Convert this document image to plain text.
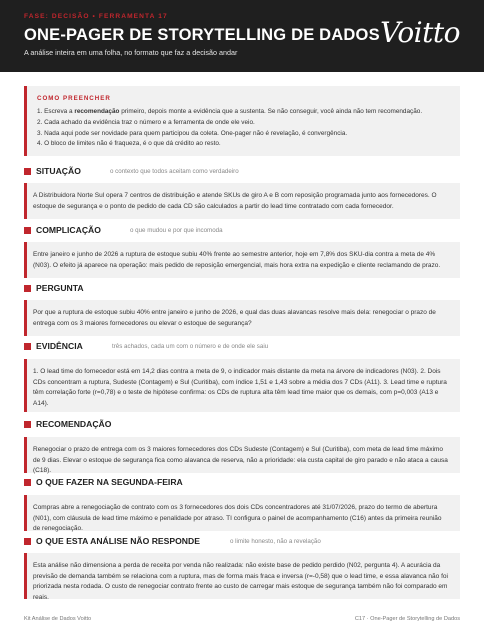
FASE: DECISÃO • FERRAMENTA 17
ONE-PAGER DE STORYTELLING DE DADOS
A análise inteira em uma folha, no formato que faz a decisão andar
Voitto
COMO PREENCHER
1. Escreva a recomendação primeiro, depois monte a evidência que a sustenta. Se não conseguir, você ainda não tem recomendação.
2. Cada achado da evidência traz o número e a ferramenta de onde ele veio.
3. Nada aqui pode ser novidade para quem participou da coleta. One-pager não é revelação, é convergência.
4. O bloco de limites não é fraqueza, é o que dá crédito ao resto.
SITUAÇÃO	o contexto que todos aceitam como verdadeiro

A Distribuidora Norte Sul opera 7 centros de distribuição e atende SKUs de giro A e B com reposição programada junto aos fornecedores. O estoque de segurança e o ponto de pedido de cada CD são calculados a partir do lead time contratado com cada fornecedor.

COMPLICAÇÃO	o que mudou e por que incomoda

Entre janeiro e junho de 2026 a ruptura de estoque subiu 40% frente ao semestre anterior, hoje em 7,8% dos SKU-dia contra a meta de 4% (N03). O efeito já aparece na operação: mais pedido de reposição emergencial, mais hora extra na expedição e cliente reclamando de prazo.

PERGUNTA

Por que a ruptura de estoque subiu 40% entre janeiro e junho de 2026, e qual das duas alavancas resolve mais dela: renegociar o prazo de entrega com os 3 maiores fornecedores ou elevar o estoque de segurança?

EVIDÊNCIA	três achados, cada um com o número e de onde ele saiu

1. O lead time do fornecedor está em 14,2 dias contra a meta de 9, o indicador mais distante da meta na árvore de indicadores (N03). 2. Dois CDs concentram a ruptura, Sudeste (Contagem) e Sul (Curitiba), com índice 1,51 e 1,43 sobre a média dos 7 CDs (A11). 3. Lead time e ruptura têm correlação forte (r=0,78) e o teste de hipótese confirma: os CDs de ruptura alta têm lead time maior que os demais, com p=0,003 (A13 e A14).

RECOMENDAÇÃO

Renegociar o prazo de entrega com os 3 maiores fornecedores dos CDs Sudeste (Contagem) e Sul (Curitiba), com meta de lead time máximo de 9 dias. Elevar o estoque de segurança fica como alavanca de reserva, não a prioridade: ela custa capital de giro parado e não ataca a causa (C18).

O QUE FAZER NA SEGUNDA-FEIRA

Compras abre a renegociação de contrato com os 3 fornecedores dos dois CDs concentradores até 31/07/2026, prazo do termo de abertura (N01), com cláusula de lead time máximo e penalidade por atraso. TI configura o painel de acompanhamento (C16) antes da primeira reunião de renegociação.

O QUE ESTA ANÁLISE NÃO RESPONDE	o limite honesto, não a revelação

Esta análise não dimensiona a perda de receita por venda não realizada: não existe base de pedido perdido (N02, pergunta 4). A acurácia da previsão de demanda também se relaciona com a ruptura, mas de forma mais fraca e inversa (r=-0,58) que o lead time, e essa alavanca não foi priorizada nesta rodada. O custo de renegociar contrato frente ao custo de carregar mais estoque de segurança também não foi comparado em reais.

Kit Análise de Dados Voitto	C17 · One-Pager de Storytelling de Dados
